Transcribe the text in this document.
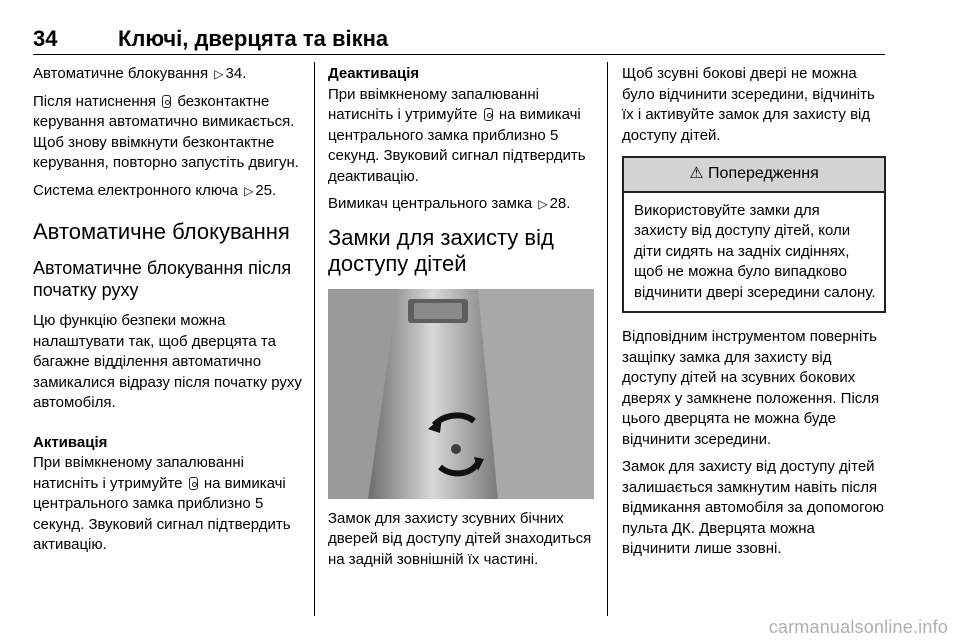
34	Ключі, дверцята та вікна

Автоматичне блокування ▷ 34.

Після натиснення безконтактне керування автоматично вимикається. Щоб знову ввімкнути безконтактне керування, повторно запустіть двигун.

Система електронного ключа ▷ 25.

Автоматичне блокування
Автоматичне блокування після початку руху

Цю функцію безпеки можна налаштувати так, щоб дверцята та багажне відділення автоматично замикалися відразу після початку руху автомобіля.

Активація

При ввімкненому запалюванні натисніть і утримуйте на вимикачі центрального замка приблизно 5 секунд. Звуковий сигнал підтвердить активацію.

Деактивація

При ввімкненому запалюванні натисніть і утримуйте на вимикачі центрального замка приблизно 5 секунд. Звуковий сигнал підтвердить деактивацію.

Вимикач центрального замка ▷ 28.

Замки для захисту від доступу дітей

Замок для захисту зсувних бічних дверей від доступу дітей знаходиться на задній зовнішній їх частині.

Щоб зсувні бокові двері не можна було відчинити зсередини, відчиніть їх і активуйте замок для захисту від доступу дітей.

⚠ Попередження

Використовуйте замки для захисту від доступу дітей, коли діти сидять на задніх сидіннях, щоб не можна було випадково відчинити двері зсередини салону.

Відповідним інструментом поверніть защіпку замка для захисту від доступу дітей на зсувних бокових дверях у замкнене положення. Після цього дверцята не можна буде відчинити зсередини.

Замок для захисту від доступу дітей залишається замкнутим навіть після відмикання автомобіля за допомогою пульта ДК. Дверцята можна відчинити лише ззовні.

carmanualsonline.info
